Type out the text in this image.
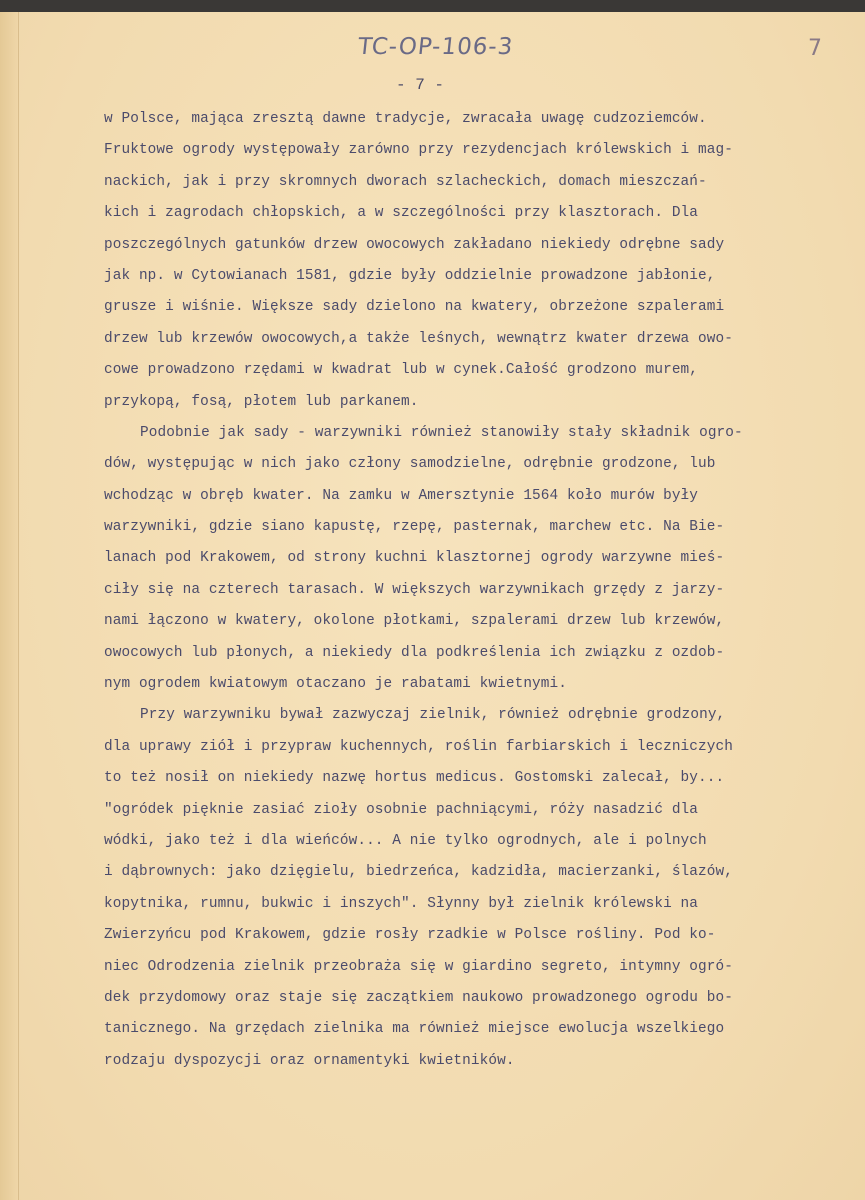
TC-OP-106-3	7
- 7 -
w Polsce, mająca zresztą dawne tradycje, zwracała uwagę cudzoziemców.
Fruktowe ogrody występowały zarówno przy rezydencjach królewskich i mag-
nackich, jak i przy skromnych dworach szlacheckich, domach mieszczań-
kich i zagrodach chłopskich, a w szczególności przy klasztorach. Dla
poszczególnych gatunków drzew owocowych zakładano niekiedy odrębne sady
jak np. w Cytowianach 1581, gdzie były oddzielnie prowadzone jabłonie,
grusze i wiśnie. Większe sady dzielono na kwatery, obrzeżone szpalerami
drzew lub krzewów owocowych,a także leśnych, wewnątrz kwater drzewa owo-
cowe prowadzono rzędami w kwadrat lub w cynek.Całość grodzono murem,
przykopą, fosą, płotem lub parkanem.
Podobnie jak sady - warzywniki również stanowiły stały składnik ogro-
dów, występując w nich jako człony samodzielne, odrębnie grodzone, lub
wchodząc w obręb kwater. Na zamku w Amersztynie 1564 koło murów były
warzywniki, gdzie siano kapustę, rzepę, pasternak, marchew etc. Na Bie-
lanach pod Krakowem, od strony kuchni klasztornej ogrody warzywne mieś-
ciły się na czterech tarasach. W większych warzywnikach grzędy z jarzy-
nami łączono w kwatery, okolone płotkami, szpalerami drzew lub krzewów,
owocowych lub płonych, a niekiedy dla podkreślenia ich związku z ozdob-
nym ogrodem kwiatowym otaczano je rabatami kwietnymi.
Przy warzywniku bywał zazwyczaj zielnik, również odrębnie grodzony,
dla uprawy ziół i przypraw kuchennych, roślin farbiarskich i leczniczych
to też nosił on niekiedy nazwę hortus medicus. Gostomski zalecał, by...
"ogródek pięknie zasiać zioły osobnie pachniącymi, róży nasadzić dla
wódki, jako też i dla wieńców... A nie tylko ogrodnych, ale i polnych
i dąbrownych: jako dzięgielu, biedrzeńca, kadzidła, macierzanki, ślazów,
kopytnika, rumnu, bukwic i inszych". Słynny był zielnik królewski na
Zwierzyńcu pod Krakowem, gdzie rosły rzadkie w Polsce rośliny. Pod ko-
niec Odrodzenia zielnik przeobraża się w giardino segreto, intymny ogró-
dek przydomowy oraz staje się zaczątkiem naukowo prowadzonego ogrodu bo-
tanicznego. Na grzędach zielnika ma również miejsce ewolucja wszelkiego
rodzaju dyspozycji oraz ornamentyki kwietników.
